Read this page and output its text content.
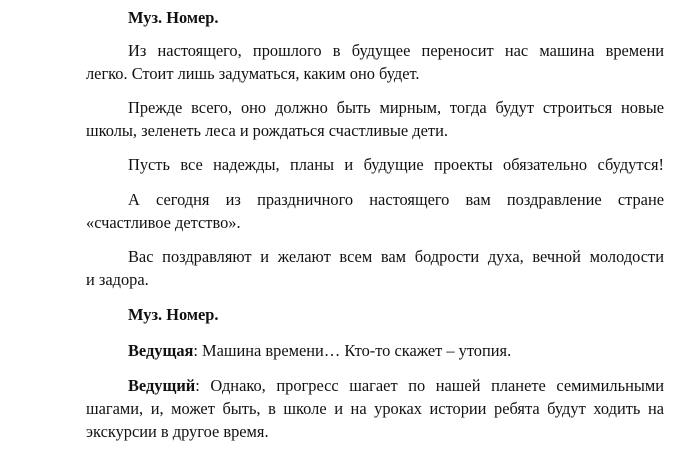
Муз. Номер.
Из настоящего, прошлого в будущее переносит нас машина времени
легко. Стоит лишь задуматься, каким оно будет.
Прежде всего, оно должно быть мирным, тогда будут строиться новые
школы, зеленеть леса и рождаться счастливые дети.
Пусть все надежды, планы и будущие проекты обязательно сбудутся!
А сегодня из праздничного настоящего вам поздравление стране
«счастливое детство».
Вас поздравляют и желают всем вам бодрости духа, вечной молодости
и задора.
Муз. Номер.
Ведущая: Машина времени… Кто-то скажет – утопия.
Ведущий: Однако, прогресс шагает по нашей планете семимильными
шагами, и, может быть, в школе и на уроках истории ребята будут ходить на
экскурсии в другое время.
